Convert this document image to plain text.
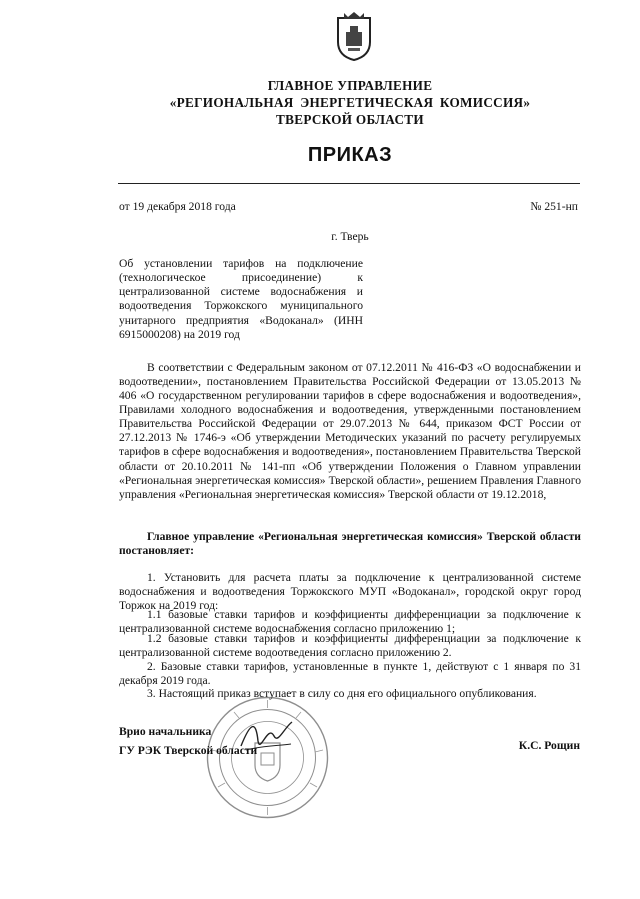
ГЛАВНОЕ УПРАВЛЕНИЕ
«РЕГИОНАЛЬНАЯ ЭНЕРГЕТИЧЕСКАЯ КОМИССИЯ»
ТВЕРСКОЙ ОБЛАСТИ
ПРИКАЗ
от 19 декабря 2018 года	№ 251-нп
г. Тверь
Об установлении тарифов на подключение (технологическое присоединение) к централизованной системе водоснабжения и водоотведения Торжокского муниципального унитарного предприятия «Водоканал» (ИНН 6915000208) на 2019 год
В соответствии с Федеральным законом от 07.12.2011 № 416-ФЗ «О водоснабжении и водоотведении», постановлением Правительства Российской Федерации от 13.05.2013 № 406 «О государственном регулировании тарифов в сфере водоснабжения и водоотведения», Правилами холодного водоснабжения и водоотведения, утвержденными постановлением Правительства Российской Федерации от 29.07.2013 № 644, приказом ФСТ России от 27.12.2013 № 1746-э «Об утверждении Методических указаний по расчету регулируемых тарифов в сфере водоснабжения и водоотведения», постановлением Правительства Тверской области от 20.10.2011 № 141-пп «Об утверждении Положения о Главном управлении «Региональная энергетическая комиссия» Тверской области», решением Правления Главного управления «Региональная энергетическая комиссия» Тверской области от 19.12.2018,
Главное управление «Региональная энергетическая комиссия» Тверской области постановляет:
1. Установить для расчета платы за подключение к централизованной системе водоснабжения и водоотведения Торжокского МУП «Водоканал», городской округ город Торжок на 2019 год:
1.1 базовые ставки тарифов и коэффициенты дифференциации за подключение к централизованной системе водоснабжения согласно приложению 1;
1.2 базовые ставки тарифов и коэффициенты дифференциации за подключение к централизованной системе водоотведения согласно приложению 2.
2. Базовые ставки тарифов, установленные в пункте 1, действуют с 1 января по 31 декабря 2019 года.
3. Настоящий приказ вступает в силу со дня его официального опубликования.
Врио начальника
ГУ РЭК Тверской области	К.С. Рощин
